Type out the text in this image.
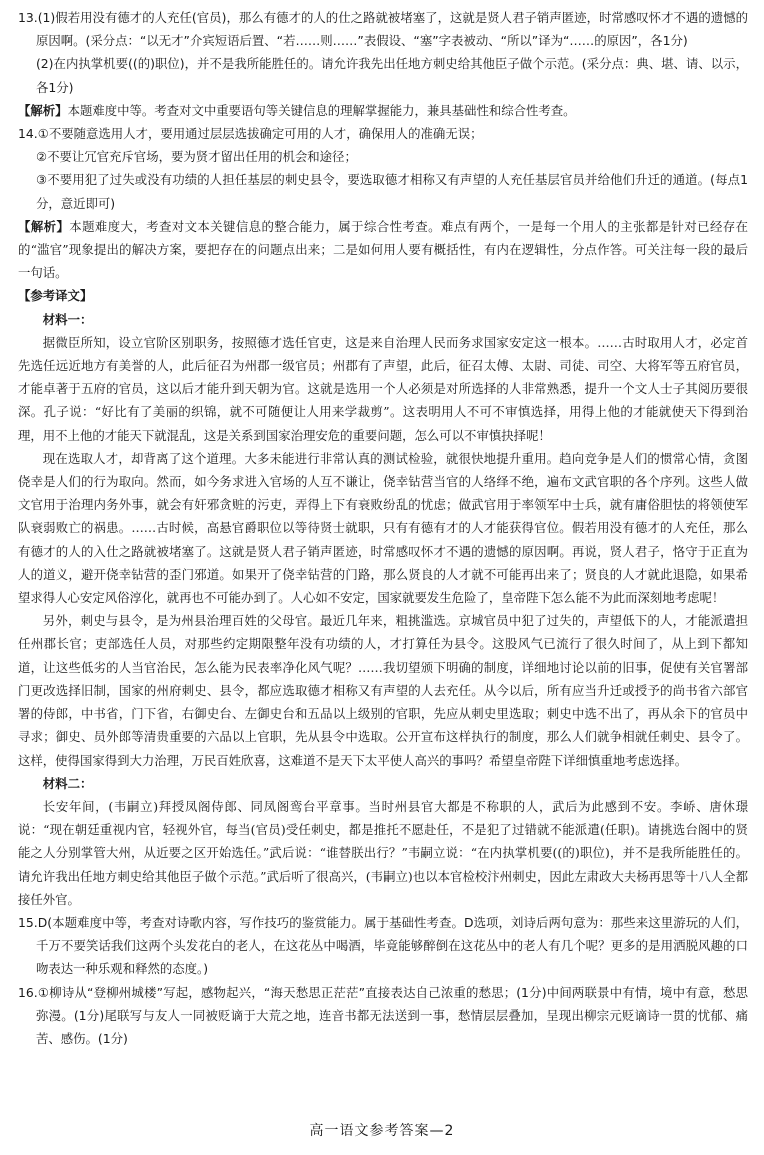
13.(1)假若用没有德才的人充任(官员)，那么有德才的人的仕之路就被堵塞了，这就是贤人君子销声匿迹，时常感叹怀才不遇的遗憾的原因啊。(采分点：“以无才”介宾短语后置、“若……则……”表假设、“塞”字表被动、“所以”译为“……的原因”，各1分)

(2)在内执掌机要((的)职位)，并不是我所能胜任的。请允许我先出任地方刺史给其他臣子做个示范。(采分点：典、堪、请、以示，各1分)

【解析】本题难度中等。考查对文中重要语句等关键信息的理解掌握能力，兼具基础性和综合性考查。

14.①不要随意选用人才，要用通过层层选拔确定可用的人才，确保用人的准确无误；

②不要让冗官充斥官场，要为贤才留出任用的机会和途径；

③不要用犯了过失或没有功绩的人担任基层的刺史县令，要选取德才相称又有声望的人充任基层官员并给他们升迁的通道。(每点1分，意近即可)

【解析】本题难度大，考查对文本关键信息的整合能力，属于综合性考查。难点有两个，一是每一个用人的主张都是针对已经存在的“滥官”现象提出的解决方案，要把存在的问题点出来；二是如何用人要有概括性，有内在逻辑性，分点作答。可关注每一段的最后一句话。

【参考译文】

材料一：

据微臣所知，设立官阶区别职务，按照德才选任官吏，这是来自治理人民而务求国家安定这一根本。……古时取用人才，必定首先选任远近地方有美誉的人，此后征召为州郡一级官员；州郡有了声望，此后，征召太傅、太尉、司徒、司空、大将军等五府官员，才能卓著于五府的官员，这以后才能升到天朝为官。这就是选用一个人必须是对所选择的人非常熟悉，提升一个文人士子其阅历要很深。孔子说：“好比有了美丽的织锦，就不可随便让人用来学裁剪”。这表明用人不可不审慎选择，用得上他的才能就使天下得到治理，用不上他的才能天下就混乱，这是关系到国家治理安危的重要问题，怎么可以不审慎抉择呢！

现在选取人才，却背离了这个道理。大多未能进行非常认真的测试检验，就很快地提升重用。趋向竞争是人们的惯常心情，贪图侥幸是人们的行为取向。然而，如今务求进入官场的人互不谦让，侥幸钻营当官的人络绎不绝，遍布文武官职的各个序列。这些人做文官用于治理内务外事，就会有奸邪贪赃的污吏，弄得上下有衰败纷乱的忧虑；做武官用于率领军中士兵，就有庸俗胆怯的将领使军队衰弱败亡的祸患。……古时候，高悬官爵职位以等待贤士就职，只有有德有才的人才能获得官位。假若用没有德才的人充任，那么有德才的人的入仕之路就被堵塞了。这就是贤人君子销声匿迹，时常感叹怀才不遇的遗憾的原因啊。再说，贤人君子，恪守于正直为人的道义，避开侥幸钻营的歪门邪道。如果开了侥幸钻营的门路，那么贤良的人才就不可能再出来了；贤良的人才就此退隐，如果希望求得人心安定风俗淳化，就再也不可能办到了。人心如不安定，国家就要发生危险了，皇帝陛下怎么能不为此而深刻地考虑呢！

另外，刺史与县令，是为州县治理百姓的父母官。最近几年来，粗挑滥选。京城官员中犯了过失的，声望低下的人，才能派遣担任州郡长官；吏部选任人员，对那些约定期限整年没有功绩的人，才打算任为县令。这股风气已流行了很久时间了，从上到下都知道，让这些低劣的人当官治民，怎么能为民表率净化风气呢？……我切望颁下明确的制度，详细地讨论以前的旧事，促使有关官署部门更改选择旧制，国家的州府刺史、县令，都应选取德才相称又有声望的人去充任。从今以后，所有应当升迁或授予的尚书省六部官署的侍郎，中书省，门下省，右御史台、左御史台和五品以上级别的官职，先应从刺史里选取；刺史中选不出了，再从余下的官员中寻求；御史、员外郎等清贵重要的六品以上官职，先从县令中选取。公开宣布这样执行的制度，那么人们就争相就任刺史、县令了。这样，使得国家得到大力治理，万民百姓欣喜，这难道不是天下太平使人高兴的事吗？希望皇帝陛下详细慎重地考虑选择。

材料二：

长安年间，(韦嗣立)拜授凤阁侍郎、同凤阁鸾台平章事。当时州县官大都是不称职的人，武后为此感到不安。李峤、唐休璟说：“现在朝廷重视内官，轻视外官，每当(官员)受任刺史，都是推托不愿赴任，不是犯了过错就不能派遣(任职)。请挑选台阁中的贤能之人分别掌管大州，从近要之区开始选任。”武后说：“谁替朕出行？”韦嗣立说：“在内执掌机要((的)职位)，并不是我所能胜任的。请允许我出任地方刺史给其他臣子做个示范。”武后听了很高兴，(韦嗣立)也以本官检校汴州刺史，因此左肃政大夫杨再思等十八人全都接任外官。

15.D(本题难度中等，考查对诗歌内容，写作技巧的鉴赏能力。属于基础性考查。D选项，刘诗后两句意为：那些来这里游玩的人们，千万不要笑话我们这两个头发花白的老人，在这花丛中喝酒，毕竟能够醉倒在这花丛中的老人有几个呢？更多的是用洒脱风趣的口吻表达一种乐观和释然的态度。)

16.①柳诗从“登柳州城楼”写起，感物起兴，“海天愁思正茫茫”直接表达自己浓重的愁思；(1分)中间两联景中有情，境中有意，愁思弥漫。(1分)尾联写与友人一同被贬谪于大荒之地，连音书都无法送到一事，愁情层层叠加，呈现出柳宗元贬谪诗一贯的忧郁、痛苦、感伤。(1分)

高一语文参考答案—2
